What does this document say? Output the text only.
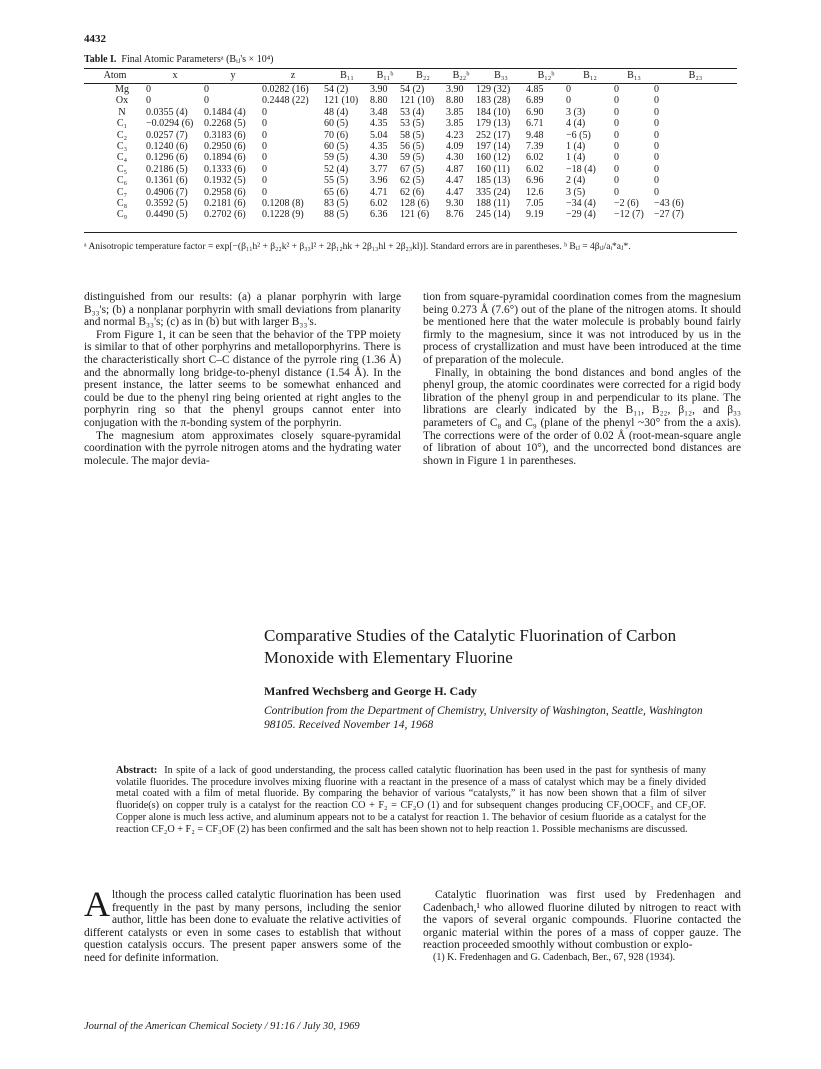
4432
Table I. Final Atomic Parametersᵃ (Bᵢⱼ's × 10⁴)
Atom	x	y	z	B₁₁	B₁₁ᵇ	B₂₂	B₂₂ᵇ	B₃₃	B₁₂ᵇ	B₁₂	B₁₃	B₂₃
Mg	0	0	0.0282 (16)	54 (2)	3.90	54 (2)	3.90	129 (32)	4.85	0	0	0
Ox	0	0	0.2448 (22)	121 (10)	8.80	121 (10)	8.80	183 (28)	6.89	0	0	0
N	0.0355 (4)	0.1484 (4)	0	48 (4)	3.48	53 (4)	3.85	184 (10)	6.90	3 (3)	0	0
C₁	−0.0294 (6)	0.2268 (5)	0	60 (5)	4.35	53 (5)	3.85	179 (13)	6.71	4 (4)	0	0
C₂	0.0257 (7)	0.3183 (6)	0	70 (6)	5.04	58 (5)	4.23	252 (17)	9.48	−6 (5)	0	0
C₃	0.1240 (6)	0.2950 (6)	0	60 (5)	4.35	56 (5)	4.09	197 (14)	7.39	1 (4)	0	0
C₄	0.1296 (6)	0.1894 (6)	0	59 (5)	4.30	59 (5)	4.30	160 (12)	6.02	1 (4)	0	0
C₅	0.2186 (5)	0.1333 (6)	0	52 (4)	3.77	67 (5)	4.87	160 (11)	6.02	−18 (4)	0	0
C₆	0.1361 (6)	0.1932 (5)	0	55 (5)	3.96	62 (5)	4.47	185 (13)	6.96	2 (4)	0	0
C₇	0.4906 (7)	0.2958 (6)	0	65 (6)	4.71	62 (6)	4.47	335 (24)	12.6	3 (5)	0	0
C₈	0.3592 (5)	0.2181 (6)	0.1208 (8)	83 (5)	6.02	128 (6)	9.30	188 (11)	7.05	−34 (4)	−2 (6)	−43 (6)
C₉	0.4490 (5)	0.2702 (6)	0.1228 (9)	88 (5)	6.36	121 (6)	8.76	245 (14)	9.19	−29 (4)	−12 (7)	−27 (7)
ᵃ Anisotropic temperature factor = exp[−(β₁₁h² + β₂₂k² + β₃₃l² + 2β₁₂hk + 2β₁₃hl + 2β₂₃kl)]. Standard errors are in parentheses. ᵇ Bᵢⱼ = 4βᵢⱼ/aᵢ*aⱼ*.

distinguished from our results: (a) a planar porphyrin with large B₃₃'s; (b) a nonplanar porphyrin with small deviations from planarity and normal B₃₃'s; (c) as in (b) but with larger B₃₃'s.

From Figure 1, it can be seen that the behavior of the TPP moiety is similar to that of other porphyrins and metalloporphyrins. There is the characteristically short C–C distance of the pyrrole ring (1.36 Å) and the abnormally long bridge-to-phenyl distance (1.54 Å). In the present instance, the latter seems to be somewhat enhanced and could be due to the phenyl ring being oriented at right angles to the porphyrin ring so that the phenyl groups cannot enter into conjugation with the π-bonding system of the porphyrin.

The magnesium atom approximates closely square-pyramidal coordination with the pyrrole nitrogen atoms and the hydrating water molecule. The major devia-

tion from square-pyramidal coordination comes from the magnesium being 0.273 Å (7.6°) out of the plane of the nitrogen atoms. It should be mentioned here that the water molecule is probably bound fairly firmly to the magnesium, since it was not introduced by us in the process of crystallization and must have been introduced at the time of preparation of the molecule.

Finally, in obtaining the bond distances and bond angles of the phenyl group, the atomic coordinates were corrected for a rigid body libration of the phenyl group in and perpendicular to its plane. The librations are clearly indicated by the B₁₁, B₂₂, β₁₂, and β₃₃ parameters of C₈ and C₉ (plane of the phenyl ~30° from the a axis). The corrections were of the order of 0.02 Å (root-mean-square angle of libration of about 10°), and the uncorrected bond distances are shown in Figure 1 in parentheses.

Comparative Studies of the Catalytic Fluorination of Carbon Monoxide with Elementary Fluorine
Manfred Wechsberg and George H. Cady
Contribution from the Department of Chemistry, University of Washington, Seattle, Washington 98105. Received November 14, 1968
Abstract: In spite of a lack of good understanding, the process called catalytic fluorination has been used in the past for synthesis of many volatile fluorides. The procedure involves mixing fluorine with a reactant in the presence of a mass of catalyst which may be a finely divided metal coated with a film of metal fluoride. By comparing the behavior of various “catalysts,” it has now been shown that a film of silver fluoride(s) on copper truly is a catalyst for the reaction CO + F₂ = CF₂O (1) and for subsequent changes producing CF₃OOCF₃ and CF₃OF. Copper alone is much less active, and aluminum appears not to be a catalyst for reaction 1. The behavior of cesium fluoride as a catalyst for the reaction CF₂O + F₂ = CF₃OF (2) has been confirmed and the salt has been shown not to help reaction 1. Possible mechanisms are discussed.

Although the process called catalytic fluorination has been used frequently in the past by many persons, including the senior author, little has been done to evaluate the relative activities of different catalysts or even in some cases to establish that without question catalysis occurs. The present paper answers some of the need for definite information.

Catalytic fluorination was first used by Fredenhagen and Cadenbach,¹ who allowed fluorine diluted by nitrogen to react with the vapors of several organic compounds. Fluorine contacted the organic material within the pores of a mass of copper gauze. The reaction proceeded smoothly without combustion or explo-

(1) K. Fredenhagen and G. Cadenbach, Ber., 67, 928 (1934).

Journal of the American Chemical Society / 91:16 / July 30, 1969
